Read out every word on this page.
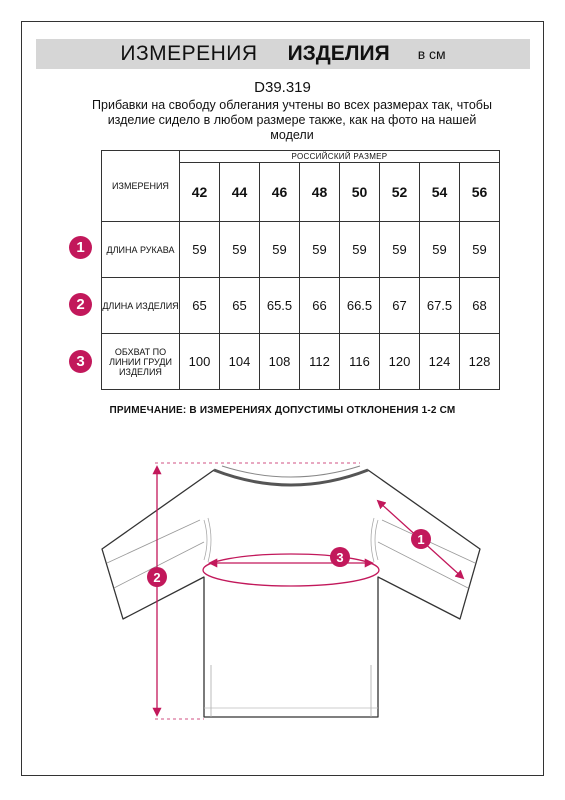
ИЗМЕРЕНИЯ ИЗДЕЛИЯ в см
D39.319
Прибавки на свободу облегания учтены во всех размерах так, чтобы изделие сидело в любом размере также, как на фото на нашей модели
ИЗМЕРЕНИЯ	РОССИЙСКИЙ РАЗМЕР							
	42	44	46	48	50	52	54	56
ДЛИНА РУКАВА	59	59	59	59	59	59	59	59
ДЛИНА ИЗДЕЛИЯ	65	65	65.5	66	66.5	67	67.5	68
ОБХВАТ ПО ЛИНИИ ГРУДИ ИЗДЕЛИЯ	100	104	108	112	116	120	124	128
1
2
3
ПРИМЕЧАНИЕ: В ИЗМЕРЕНИЯХ ДОПУСТИМЫ ОТКЛОНЕНИЯ 1-2 СМ
2
3
1
